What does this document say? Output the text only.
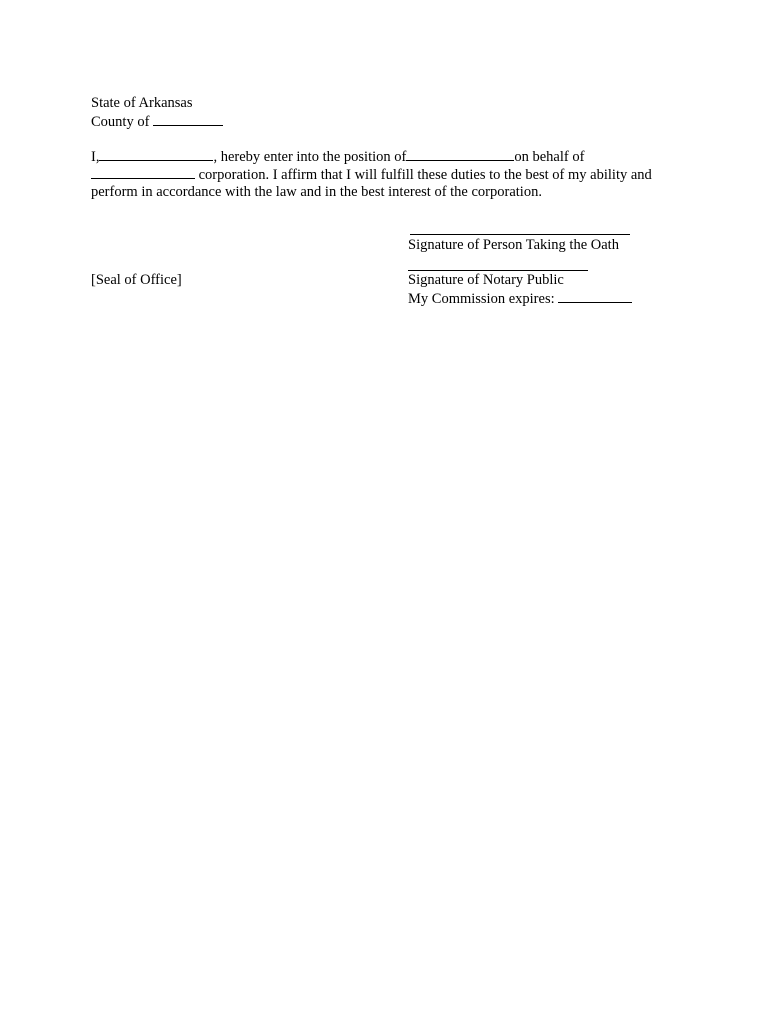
State of Arkansas
County of
I,	, hereby enter into the position of	on behalf of
corporation. I affirm that I will fulfill these duties to the best of my ability and
perform in accordance with the law and in the best interest of the corporation.
Signature of Person Taking the Oath
[Seal of Office]	Signature of Notary Public
My Commission expires:
